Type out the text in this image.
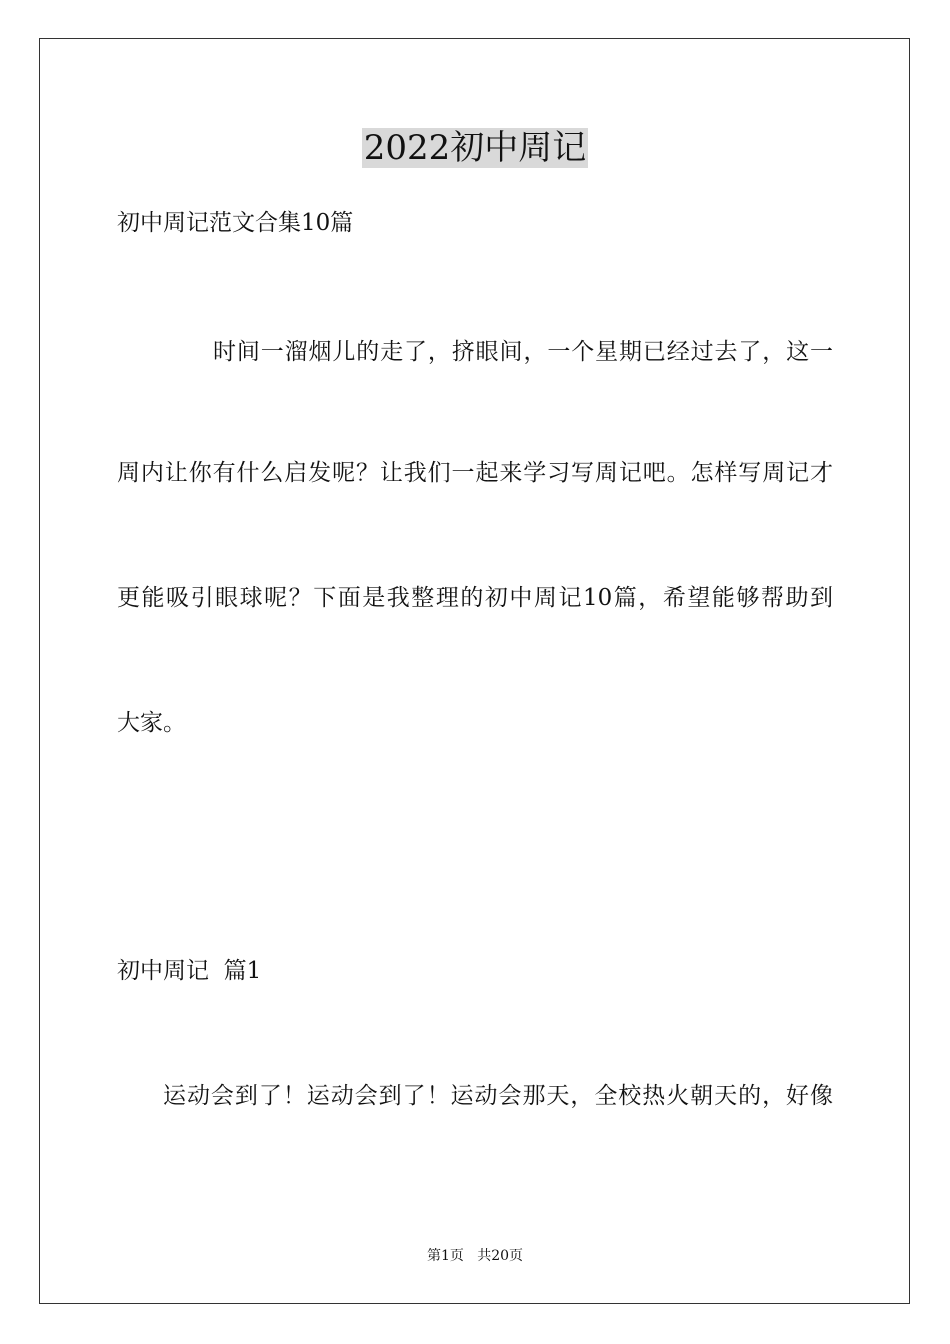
2022初中周记
初中周记范文合集10篇
时间一溜烟儿的走了，挤眼间，一个星期已经过去了，这一
周内让你有什么启发呢？让我们一起来学习写周记吧。怎样写周记才
更能吸引眼球呢？下面是我整理的初中周记10篇，希望能够帮助到
大家。
初中周记  篇1
运动会到了！运动会到了！运动会那天，全校热火朝天的，好像
第1页   共20页
